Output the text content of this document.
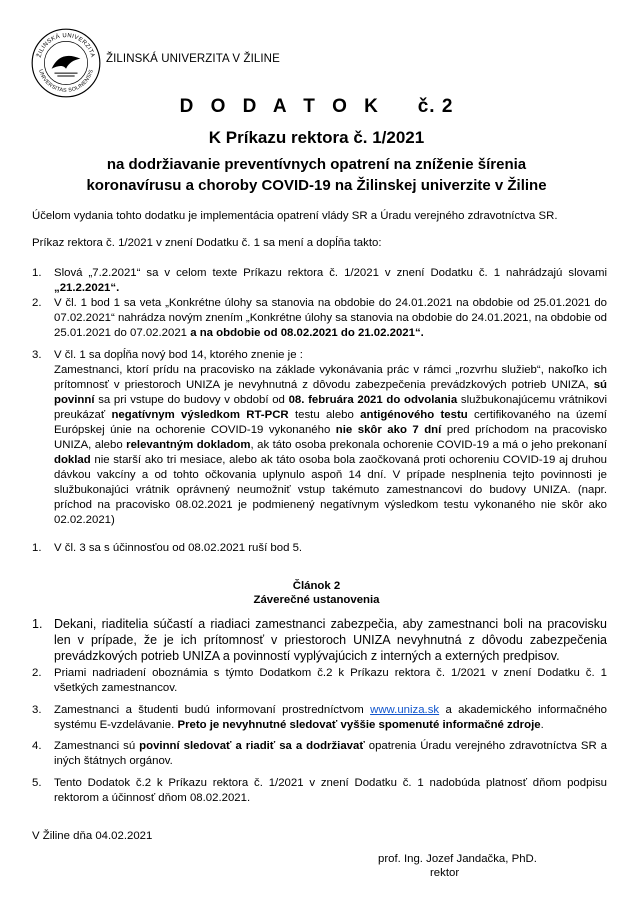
ŽILINSKÁ UNIVERZITA
UNIVERSITAS SOLINENSIS
ŽILINSKÁ UNIVERZITA V ŽILINE
D O D A T O K č. 2
K Príkazu rektora č. 1/2021
na dodržiavanie preventívnych opatrení na zníženie šírenia
koronavírusu a choroby COVID-19 na Žilinskej univerzite v Žiline
Účelom vydania tohto dodatku je implementácia opatrení vlády SR a Úradu verejného zdravotníctva SR.
Príkaz rektora č. 1/2021 v znení Dodatku č. 1 sa mení a dopĺňa takto:
1. Slová „7.2.2021“ sa v celom texte Príkazu rektora č. 1/2021 v znení Dodatku č. 1 nahrádzajú slovami „21.2.2021“.
2. V čl. 1 bod 1 sa veta „Konkrétne úlohy sa stanovia na obdobie do 24.01.2021 na obdobie od 25.01.2021 do 07.02.2021“ nahrádza novým znením „Konkrétne úlohy sa stanovia na obdobie do 24.01.2021, na obdobie od 25.01.2021 do 07.02.2021 a na obdobie od 08.02.2021 do 21.02.2021“.
3. V čl. 1 sa dopĺňa nový bod 14, ktorého znenie je :
Zamestnanci, ktorí prídu na pracovisko na základe vykonávania prác v rámci „rozvrhu služieb“, nakoľko ich prítomnosť v priestoroch UNIZA je nevyhnutná z dôvodu zabezpečenia prevádzkových potrieb UNIZA, sú povinní sa pri vstupe do budovy v období od 08. februára 2021 do odvolania službukonajúcemu vrátnikovi preukázať negatívnym výsledkom RT-PCR testu alebo antigénového testu certifikovaného na území Európskej únie na ochorenie COVID-19 vykonaného nie skôr ako 7 dní pred príchodom na pracovisko UNIZA, alebo relevantným dokladom, ak táto osoba prekonala ochorenie COVID-19 a má o jeho prekonaní doklad nie starší ako tri mesiace, alebo ak táto osoba bola zaočkovaná proti ochoreniu COVID-19 aj druhou dávkou vakcíny a od tohto očkovania uplynulo aspoň 14 dní. V prípade nesplnenia tejto povinnosti je službukonajúci vrátnik oprávnený neumožniť vstup takémuto zamestnancovi do budovy UNIZA. (napr. príchod na pracovisko 08.02.2021 je podmienený negatívnym výsledkom testu vykonaného nie skôr ako 02.02.2021)
1. V čl. 3 sa s účinnosťou od 08.02.2021 ruší bod 5.
Článok 2
Záverečné ustanovenia
1. Dekani, riaditelia súčastí a riadiaci zamestnanci zabezpečia, aby zamestnanci boli na pracovisku len v prípade, že je ich prítomnosť v priestoroch UNIZA nevyhnutná z dôvodu zabezpečenia prevádzkových potrieb UNIZA a povinností vyplývajúcich z interných a externých predpisov.
2. Priami nadriadení oboznámia s týmto Dodatkom č.2 k Príkazu rektora č. 1/2021 v znení Dodatku č. 1 všetkých zamestnancov.
3. Zamestnanci a študenti budú informovaní prostredníctvom www.uniza.sk a akademického informačného systému E-vzdelávanie. Preto je nevyhnutné sledovať vyššie spomenuté informačné zdroje.
4. Zamestnanci sú povinní sledovať a riadiť sa a dodržiavať opatrenia Úradu verejného zdravotníctva SR a iných štátnych orgánov.
5. Tento Dodatok č.2 k Príkazu rektora č. 1/2021 v znení Dodatku č. 1 nadobúda platnosť dňom podpisu rektorom a účinnosť dňom 08.02.2021.
V Žiline dňa 04.02.2021
prof. Ing. Jozef Jandačka, PhD.
rektor
